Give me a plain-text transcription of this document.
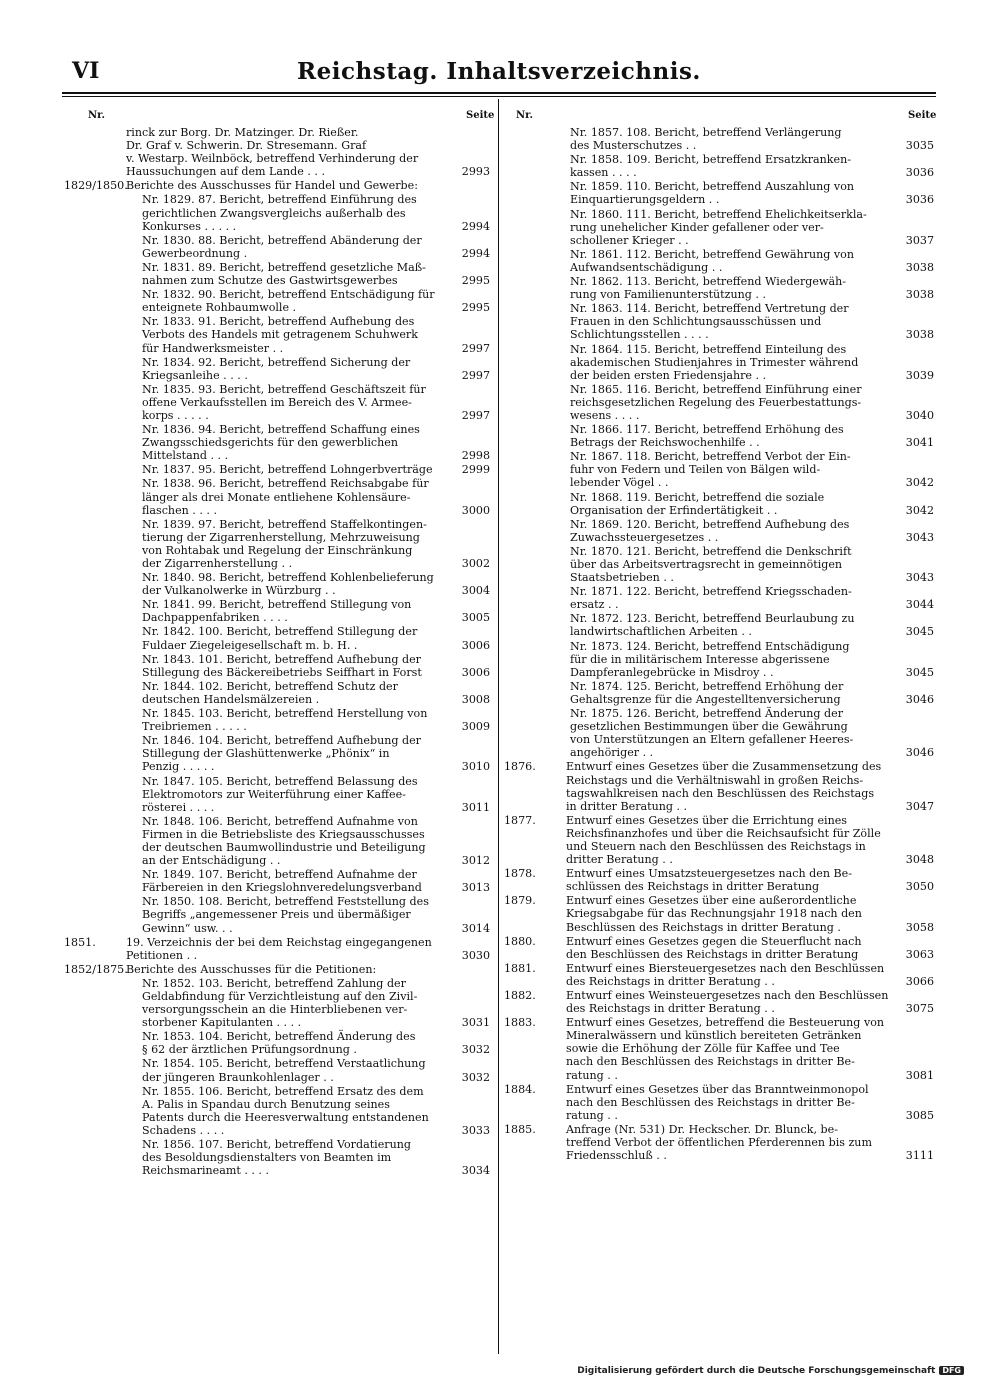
VI	Reichstag. Inhaltsverzeichnis.
Nr.	Seite Nr.	Seite
rinck zur Borg. Dr. Matzinger. Dr. Rießer.
Dr. Graf v. Schwerin. Dr. Stresemann. Graf
v. Westarp. Weilnböck, betreffend Verhinderung der
Haussuchungen auf dem Lande . . .	2993
1829/1850.
Berichte des Ausschusses für Handel und Gewerbe:
Nr. 1829. 87. Bericht, betreffend Einführung des
gerichtlichen Zwangsvergleichs außerhalb des
Konkurses . . . . .	2994
Nr. 1830. 88. Bericht, betreffend Abänderung der
Gewerbeordnung .	2994
Nr. 1831. 89. Bericht, betreffend gesetzliche Maß-
nahmen zum Schutze des Gastwirtsgewerbes	2995
Nr. 1832. 90. Bericht, betreffend Entschädigung für
enteignete Rohbaumwolle .	2995
Nr. 1833. 91. Bericht, betreffend Aufhebung des
Verbots des Handels mit getragenem Schuhwerk
für Handwerksmeister . .	2997
Nr. 1834. 92. Bericht, betreffend Sicherung der
Kriegsanleihe . . . .	2997
Nr. 1835. 93. Bericht, betreffend Geschäftszeit für
offene Verkaufsstellen im Bereich des V. Armee-
korps . . . . .	2997
Nr. 1836. 94. Bericht, betreffend Schaffung eines
Zwangsschiedsgerichts für den gewerblichen
Mittelstand . . .	2998
Nr. 1837. 95. Bericht, betreffend Lohngerbverträge	2999
Nr. 1838. 96. Bericht, betreffend Reichsabgabe für
länger als drei Monate entliehene Kohlensäure-
flaschen . . . .	3000
Nr. 1839. 97. Bericht, betreffend Staffelkontingen-
tierung der Zigarrenherstellung, Mehrzuweisung
von Rohtabak und Regelung der Einschränkung
der Zigarrenherstellung . .	3002
Nr. 1840. 98. Bericht, betreffend Kohlenbelieferung
der Vulkanolwerke in Würzburg . .	3004
Nr. 1841. 99. Bericht, betreffend Stillegung von
Dachpappenfabriken . . . .	3005
Nr. 1842. 100. Bericht, betreffend Stillegung der
Fuldaer Ziegeleigesellschaft m. b. H. .	3006
Nr. 1843. 101. Bericht, betreffend Aufhebung der
Stillegung des Bäckereibetriebs Seiffhart in Forst	3006
Nr. 1844. 102. Bericht, betreffend Schutz der
deutschen Handelsmälzereien .	3008
Nr. 1845. 103. Bericht, betreffend Herstellung von
Treibriemen . . . . .	3009
Nr. 1846. 104. Bericht, betreffend Aufhebung der
Stillegung der Glashüttenwerke „Phönix“ in
Penzig . . . . .	3010
Nr. 1847. 105. Bericht, betreffend Belassung des
Elektromotors zur Weiterführung einer Kaffee-
rösterei . . . .	3011
Nr. 1848. 106. Bericht, betreffend Aufnahme von
Firmen in die Betriebsliste des Kriegsausschusses
der deutschen Baumwollindustrie und Beteiligung
an der Entschädigung . .	3012
Nr. 1849. 107. Bericht, betreffend Aufnahme der
Färbereien in den Kriegslohnveredelungsverband	3013
Nr. 1850. 108. Bericht, betreffend Feststellung des
Begriffs „angemessener Preis und übermäßiger
Gewinn“ usw. . .	3014
1851.	19. Verzeichnis der bei dem Reichstag eingegangenen
Petitionen . .	3030
1852/1875.
Berichte des Ausschusses für die Petitionen:
Nr. 1852. 103. Bericht, betreffend Zahlung der
Geldabfindung für Verzichtleistung auf den Zivil-
versorgungsschein an die Hinterbliebenen ver-
storbener Kapitulanten . . . .	3031
Nr. 1853. 104. Bericht, betreffend Änderung des
§ 62 der ärztlichen Prüfungsordnung .	3032
Nr. 1854. 105. Bericht, betreffend Verstaatlichung
der jüngeren Braunkohlenlager . .	3032
Nr. 1855. 106. Bericht, betreffend Ersatz des dem
A. Palis in Spandau durch Benutzung seines
Patents durch die Heeresverwaltung entstandenen
Schadens . . . .	3033
Nr. 1856. 107. Bericht, betreffend Vordatierung
des Besoldungsdienstalters von Beamten im
Reichsmarineamt . . . .	3034
Nr. 1857. 108. Bericht, betreffend Verlängerung
des Musterschutzes . .	3035
Nr. 1858. 109. Bericht, betreffend Ersatzkranken-
kassen . . . .	3036
Nr. 1859. 110. Bericht, betreffend Auszahlung von
Einquartierungsgeldern . .	3036
Nr. 1860. 111. Bericht, betreffend Ehelichkeitserkla-
rung unehelicher Kinder gefallener oder ver-
schollener Krieger . .	3037
Nr. 1861. 112. Bericht, betreffend Gewährung von
Aufwandsentschädigung . .	3038
Nr. 1862. 113. Bericht, betreffend Wiedergewäh-
rung von Familienunterstützung . .	3038
Nr. 1863. 114. Bericht, betreffend Vertretung der
Frauen in den Schlichtungsausschüssen und
Schlichtungsstellen . . . .	3038
Nr. 1864. 115. Bericht, betreffend Einteilung des
akademischen Studienjahres in Trimester während
der beiden ersten Friedensjahre . .	3039
Nr. 1865. 116. Bericht, betreffend Einführung einer
reichsgesetzlichen Regelung des Feuerbestattungs-
wesens . . . .	3040
Nr. 1866. 117. Bericht, betreffend Erhöhung des
Betrags der Reichswochenhilfe . .	3041
Nr. 1867. 118. Bericht, betreffend Verbot der Ein-
fuhr von Federn und Teilen von Bälgen wild-
lebender Vögel . .	3042
Nr. 1868. 119. Bericht, betreffend die soziale
Organisation der Erfindertätigkeit . .	3042
Nr. 1869. 120. Bericht, betreffend Aufhebung des
Zuwachssteuergesetzes . .	3043
Nr. 1870. 121. Bericht, betreffend die Denkschrift
über das Arbeitsvertragsrecht in gemeinnötigen
Staatsbetrieben . .	3043
Nr. 1871. 122. Bericht, betreffend Kriegsschaden-
ersatz . .	3044
Nr. 1872. 123. Bericht, betreffend Beurlaubung zu
landwirtschaftlichen Arbeiten . .	3045
Nr. 1873. 124. Bericht, betreffend Entschädigung
für die in militärischem Interesse abgerissene
Dampferanlegebrücke in Misdroy . .	3045
Nr. 1874. 125. Bericht, betreffend Erhöhung der
Gehaltsgrenze für die Angestelltenversicherung	3046
Nr. 1875. 126. Bericht, betreffend Änderung der
gesetzlichen Bestimmungen über die Gewährung
von Unterstützungen an Eltern gefallener Heeres-
angehöriger . .	3046
1876.	Entwurf eines Gesetzes über die Zusammensetzung des
Reichstags und die Verhältniswahl in großen Reichs-
tagswahlkreisen nach den Beschlüssen des Reichstags
in dritter Beratung . .	3047
1877.	Entwurf eines Gesetzes über die Errichtung eines
Reichsfinanzhofes und über die Reichsaufsicht für Zölle
und Steuern nach den Beschlüssen des Reichstags in
dritter Beratung . .	3048
1878.	Entwurf eines Umsatzsteuergesetzes nach den Be-
schlüssen des Reichstags in dritter Beratung	3050
1879.	Entwurf eines Gesetzes über eine außerordentliche
Kriegsabgabe für das Rechnungsjahr 1918 nach den
Beschlüssen des Reichstags in dritter Beratung .	3058
1880.	Entwurf eines Gesetzes gegen die Steuerflucht nach
den Beschlüssen des Reichstags in dritter Beratung	3063
1881.	Entwurf eines Biersteuergesetzes nach den Beschlüssen
des Reichstags in dritter Beratung . .	3066
1882.	Entwurf eines Weinsteuergesetzes nach den Beschlüssen
des Reichstags in dritter Beratung . .	3075
1883.	Entwurf eines Gesetzes, betreffend die Besteuerung von
Mineralwässern und künstlich bereiteten Getränken
sowie die Erhöhung der Zölle für Kaffee und Tee
nach den Beschlüssen des Reichstags in dritter Be-
ratung . .	3081
1884.	Entwurf eines Gesetzes über das Branntweinmonopol
nach den Beschlüssen des Reichstags in dritter Be-
ratung . .	3085
1885.	Anfrage (Nr. 531) Dr. Heckscher. Dr. Blunck, be-
treffend Verbot der öffentlichen Pferderennen bis zum
Friedensschluß . .	3111
Digitalisierung gefördert durch die Deutsche Forschungsgemeinschaft DFG
